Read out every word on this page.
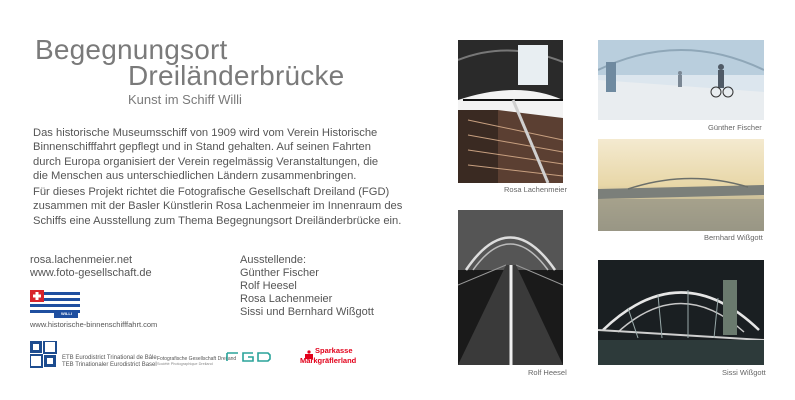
Begegnungsort
Dreiländerbrücke
Kunst im Schiff Willi
Das historische Museumsschiff von 1909 wird vom Verein Historische
Binnenschifffahrt gepflegt und in Stand gehalten. Auf seinen Fahrten
durch Europa organisiert der Verein regelmässig Veranstaltungen, die
die Menschen aus unterschiedlichen Ländern zusammenbringen.
Für dieses Projekt richtet die Fotografische Gesellschaft Dreiland (FGD)
zusammen mit der Basler Künstlerin Rosa Lachenmeier im Innenraum des
Schiffs eine Ausstellung zum Thema Begegnungsort Dreiländerbrücke ein.
rosa.lachenmeier.net
www.foto-gesellschaft.de
Ausstellende:
Günther Fischer
Rolf Heesel
Rosa Lachenmeier
Sissi und Bernhard Wißgott
WILLI
www.historische-binnenschifffahrt.com
ETB Eurodistrict Trinational de Bâle
TEB Trinationaler Eurodistrict Basel
Fotografische Gesellschaft Dreiland
Société Photographique Dreiland
Sparkasse
Markgräflerland
Rosa Lachenmeier
Günther Fischer
Bernhard Wißgott
Rolf Heesel	Sissi Wißgott
